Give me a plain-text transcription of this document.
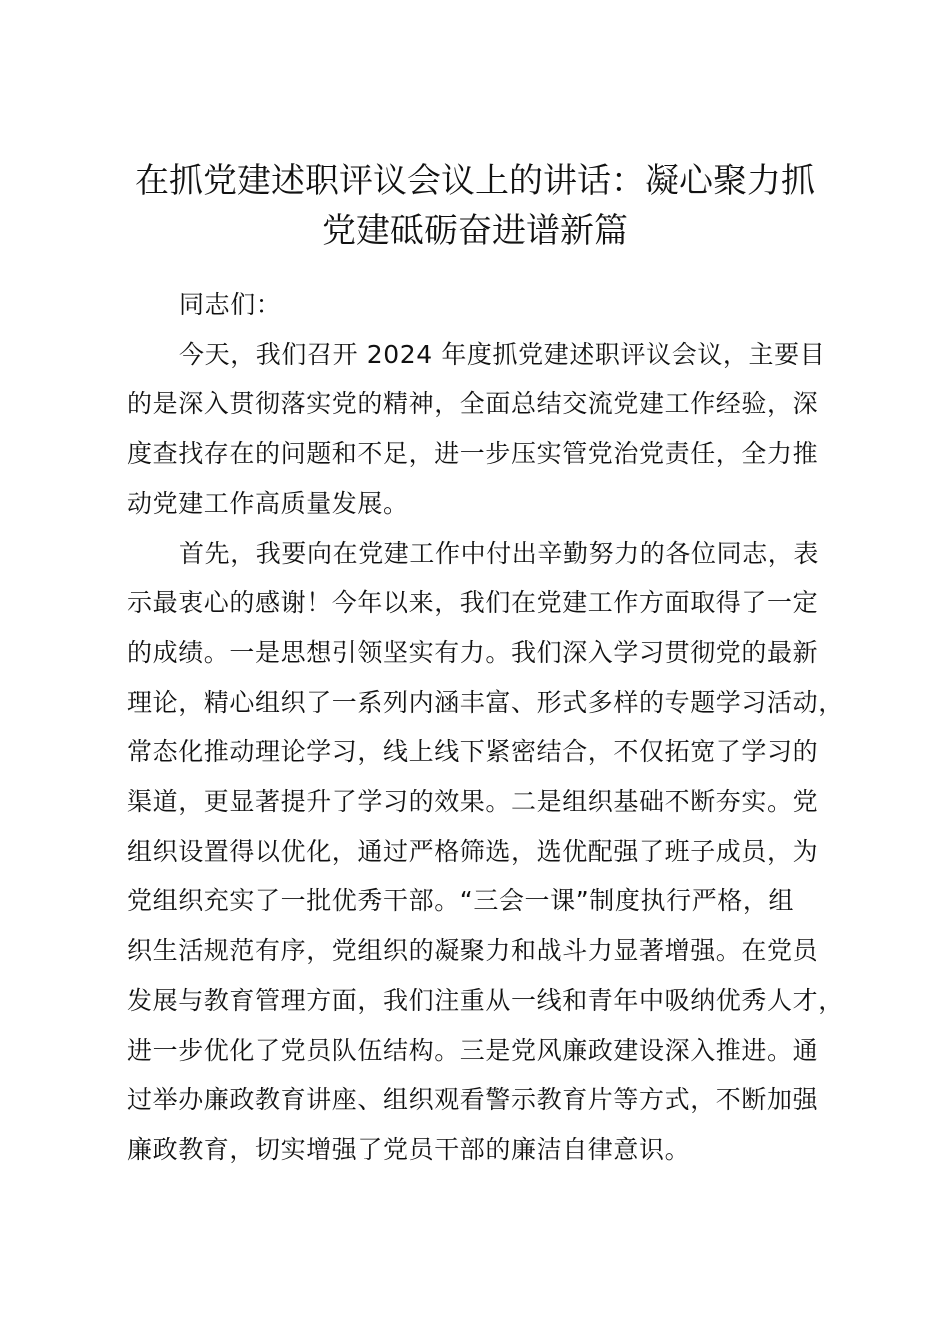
在抓党建述职评议会议上的讲话：凝心聚力抓
党建砥砺奋进谱新篇

同志们：

今天，我们召开 2024 年度抓党建述职评议会议，主要目
的是深入贯彻落实党的精神，全面总结交流党建工作经验，深
度查找存在的问题和不足，进一步压实管党治党责任，全力推
动党建工作高质量发展。

首先，我要向在党建工作中付出辛勤努力的各位同志，表
示最衷心的感谢！今年以来，我们在党建工作方面取得了一定
的成绩。一是思想引领坚实有力。我们深入学习贯彻党的最新
理论，精心组织了一系列内涵丰富、形式多样的专题学习活动，
常态化推动理论学习，线上线下紧密结合，不仅拓宽了学习的
渠道，更显著提升了学习的效果。二是组织基础不断夯实。党
组织设置得以优化，通过严格筛选，选优配强了班子成员，为
党组织充实了一批优秀干部。“三会一课”制度执行严格，组
织生活规范有序，党组织的凝聚力和战斗力显著增强。在党员
发展与教育管理方面，我们注重从一线和青年中吸纳优秀人才，
进一步优化了党员队伍结构。三是党风廉政建设深入推进。通
过举办廉政教育讲座、组织观看警示教育片等方式，不断加强
廉政教育，切实增强了党员干部的廉洁自律意识。
